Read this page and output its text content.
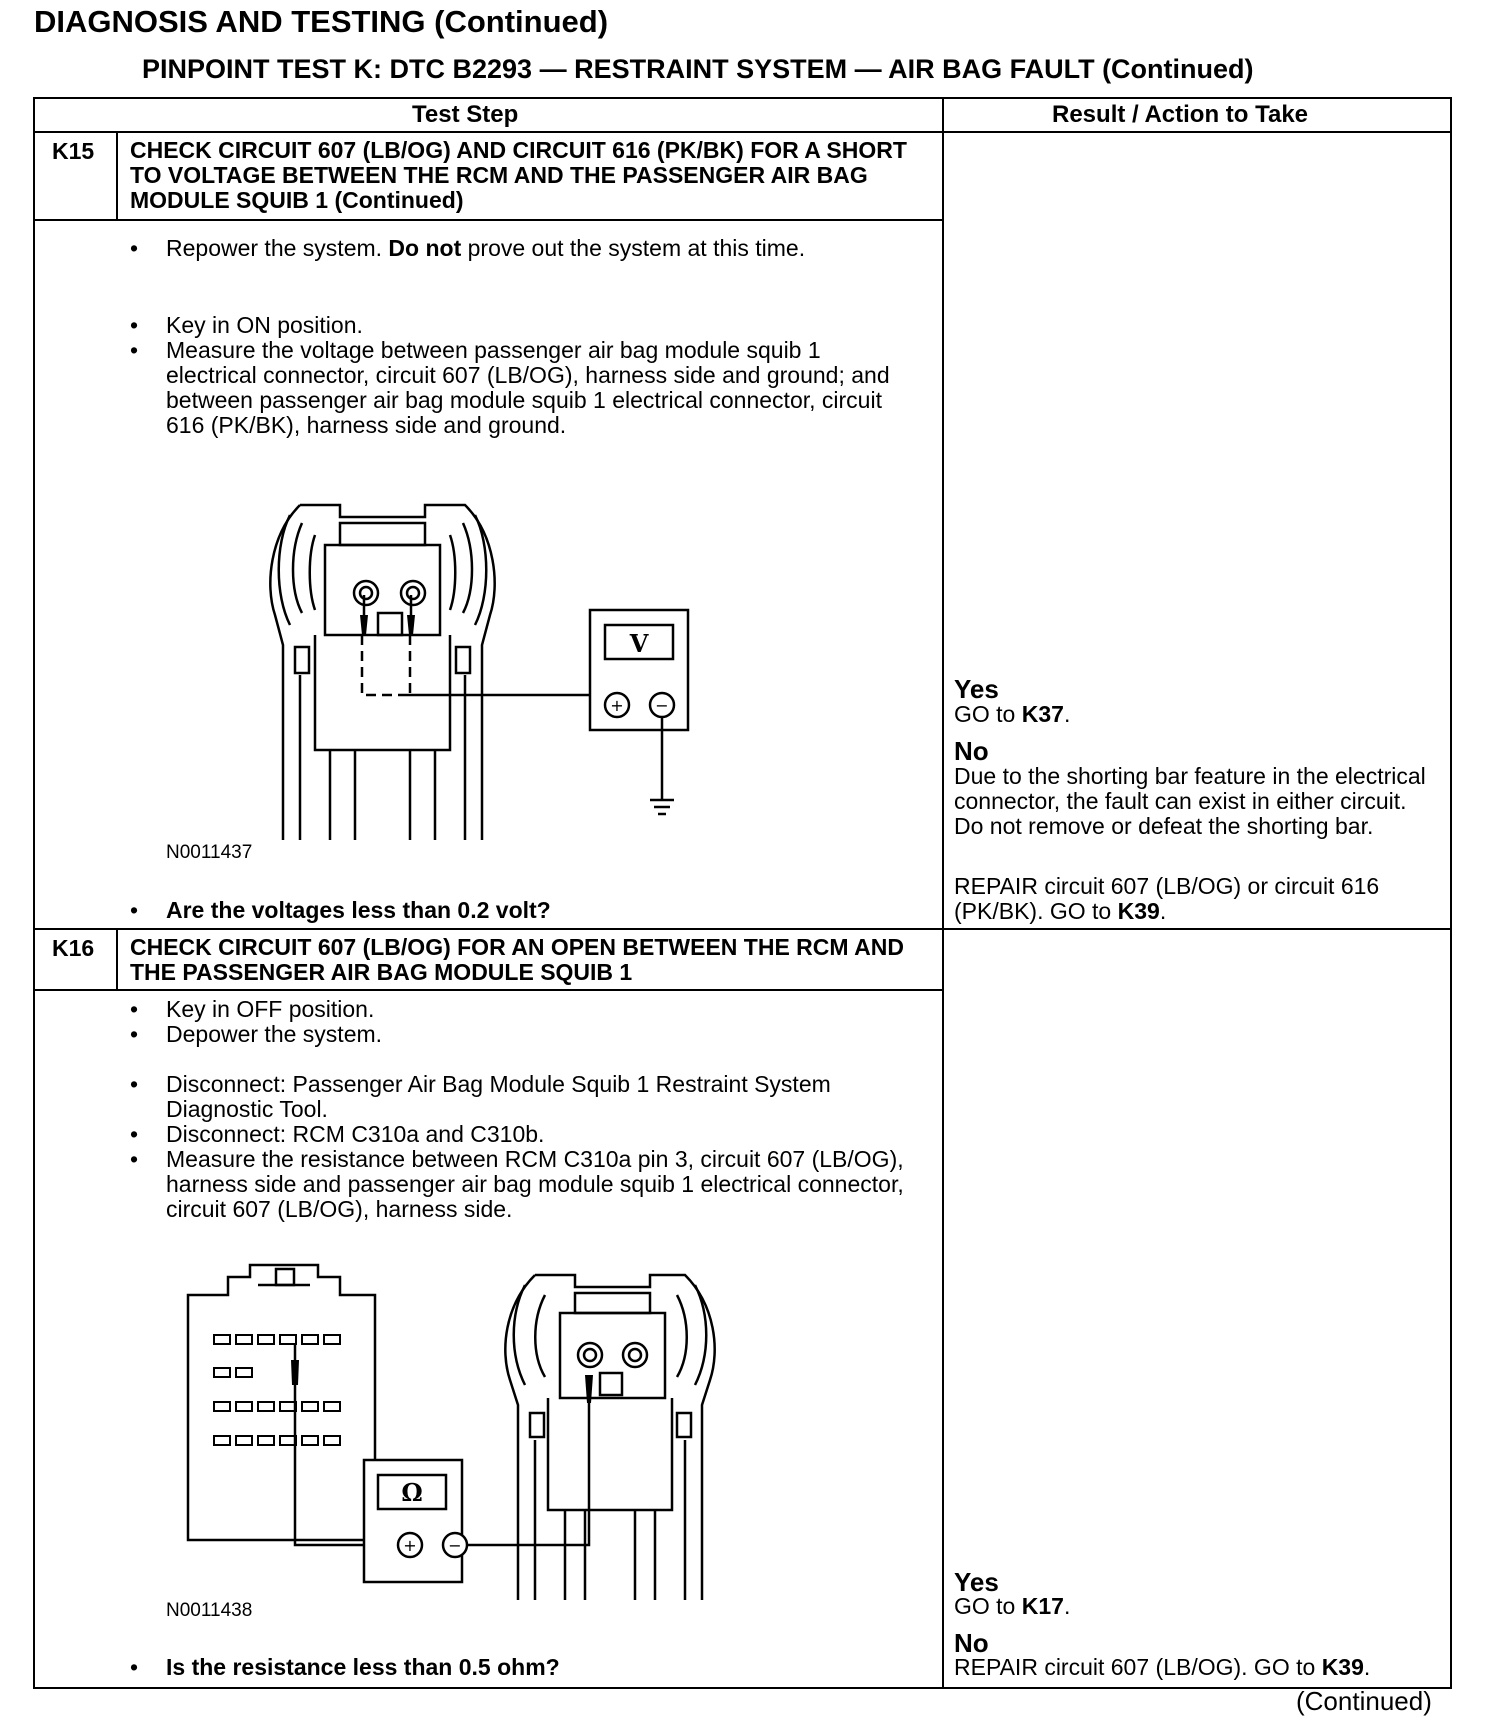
DIAGNOSIS AND TESTING (Continued)
PINPOINT TEST K: DTC B2293 — RESTRAINT SYSTEM — AIR BAG FAULT (Continued)
Test Step	Result / Action to Take
K15 CHECK CIRCUIT 607 (LB/OG) AND CIRCUIT 616 (PK/BK) FOR A SHORT TO VOLTAGE BETWEEN THE RCM AND THE PASSENGER AIR BAG MODULE SQUIB 1 (Continued)
• Repower the system. Do not prove out the system at this time.
• Key in ON position.
• Measure the voltage between passenger air bag module squib 1 electrical connector, circuit 607 (LB/OG), harness side and ground; and between passenger air bag module squib 1 electrical connector, circuit 616 (PK/BK), harness side and ground.
V
+ −
N0011437
• Are the voltages less than 0.2 volt?
Yes
GO to K37.
No
Due to the shorting bar feature in the electrical connector, the fault can exist in either circuit. Do not remove or defeat the shorting bar.
REPAIR circuit 607 (LB/OG) or circuit 616 (PK/BK). GO to K39.
K16 CHECK CIRCUIT 607 (LB/OG) FOR AN OPEN BETWEEN THE RCM AND THE PASSENGER AIR BAG MODULE SQUIB 1
• Key in OFF position.
• Depower the system.
• Disconnect: Passenger Air Bag Module Squib 1 Restraint System Diagnostic Tool.
• Disconnect: RCM C310a and C310b.
• Measure the resistance between RCM C310a pin 3, circuit 607 (LB/OG), harness side and passenger air bag module squib 1 electrical connector, circuit 607 (LB/OG), harness side.
Ω
+ −
N0011438
• Is the resistance less than 0.5 ohm?
Yes
GO to K17.
No
REPAIR circuit 607 (LB/OG). GO to K39.
(Continued)
